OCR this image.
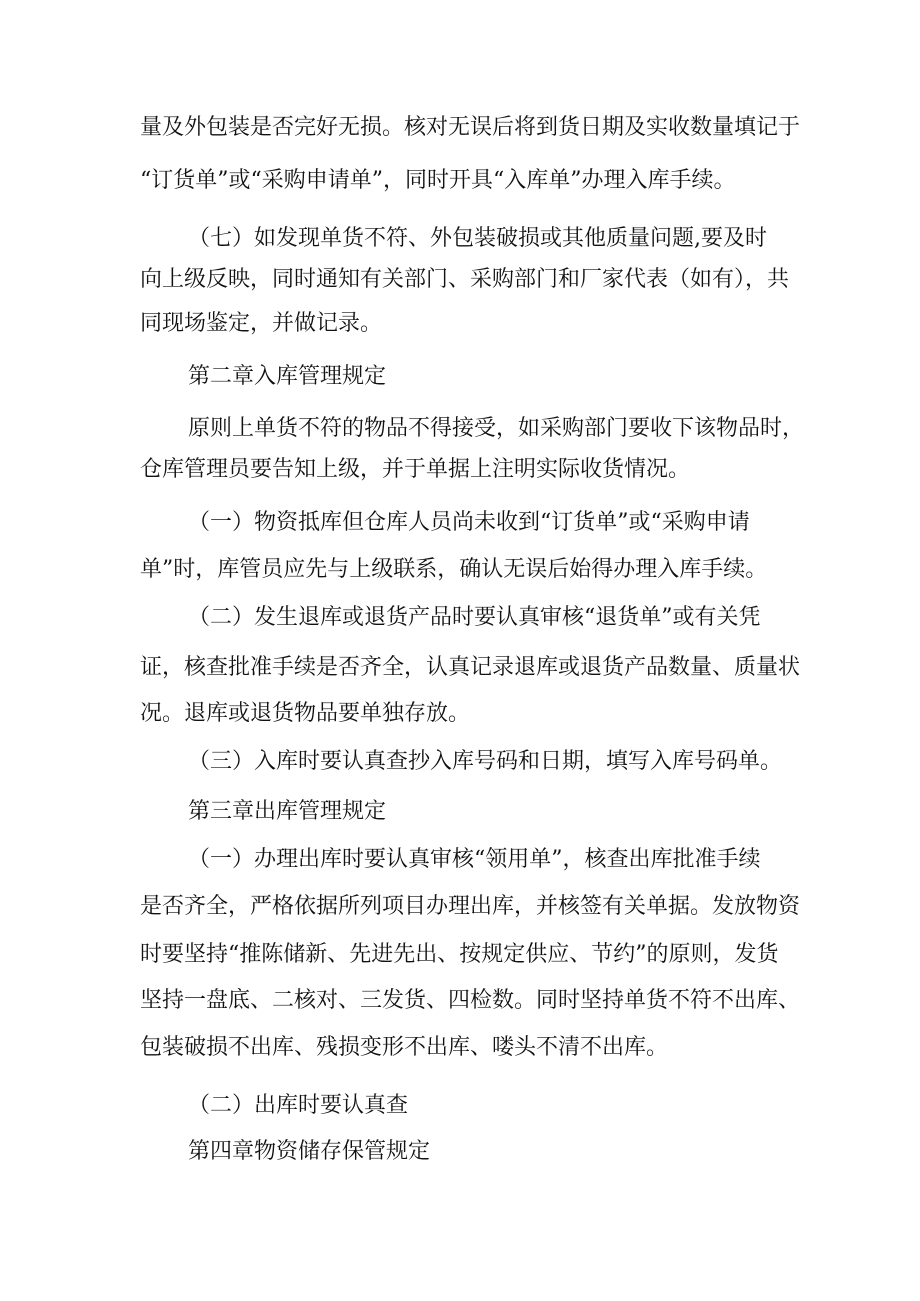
量及外包装是否完好无损。核对无误后将到货日期及实收数量填记于

“订货单”或“采购申请单”，同时开具“入库单”办理入库手续。

（七）如发现单货不符、外包装破损或其他质量问题,要及时

向上级反映，同时通知有关部门、采购部门和厂家代表（如有），共

同现场鉴定，并做记录。

第二章入库管理规定

原则上单货不符的物品不得接受，如采购部门要收下该物品时，

仓库管理员要告知上级，并于单据上注明实际收货情况。

（一）物资抵库但仓库人员尚未收到“订货单”或“采购申请

单”时，库管员应先与上级联系，确认无误后始得办理入库手续。

（二）发生退库或退货产品时要认真审核“退货单”或有关凭

证，核查批准手续是否齐全，认真记录退库或退货产品数量、质量状

况。退库或退货物品要单独存放。

（三）入库时要认真查抄入库号码和日期，填写入库号码单。

第三章出库管理规定

（一）办理出库时要认真审核“领用单”，核查出库批准手续

是否齐全，严格依据所列项目办理出库，并核签有关单据。发放物资

时要坚持“推陈储新、先进先出、按规定供应、节约”的原则，发货

坚持一盘底、二核对、三发货、四检数。同时坚持单货不符不出库、

包装破损不出库、残损变形不出库、喽头不清不出库。

（二）出库时要认真查

第四章物资储存保管规定
